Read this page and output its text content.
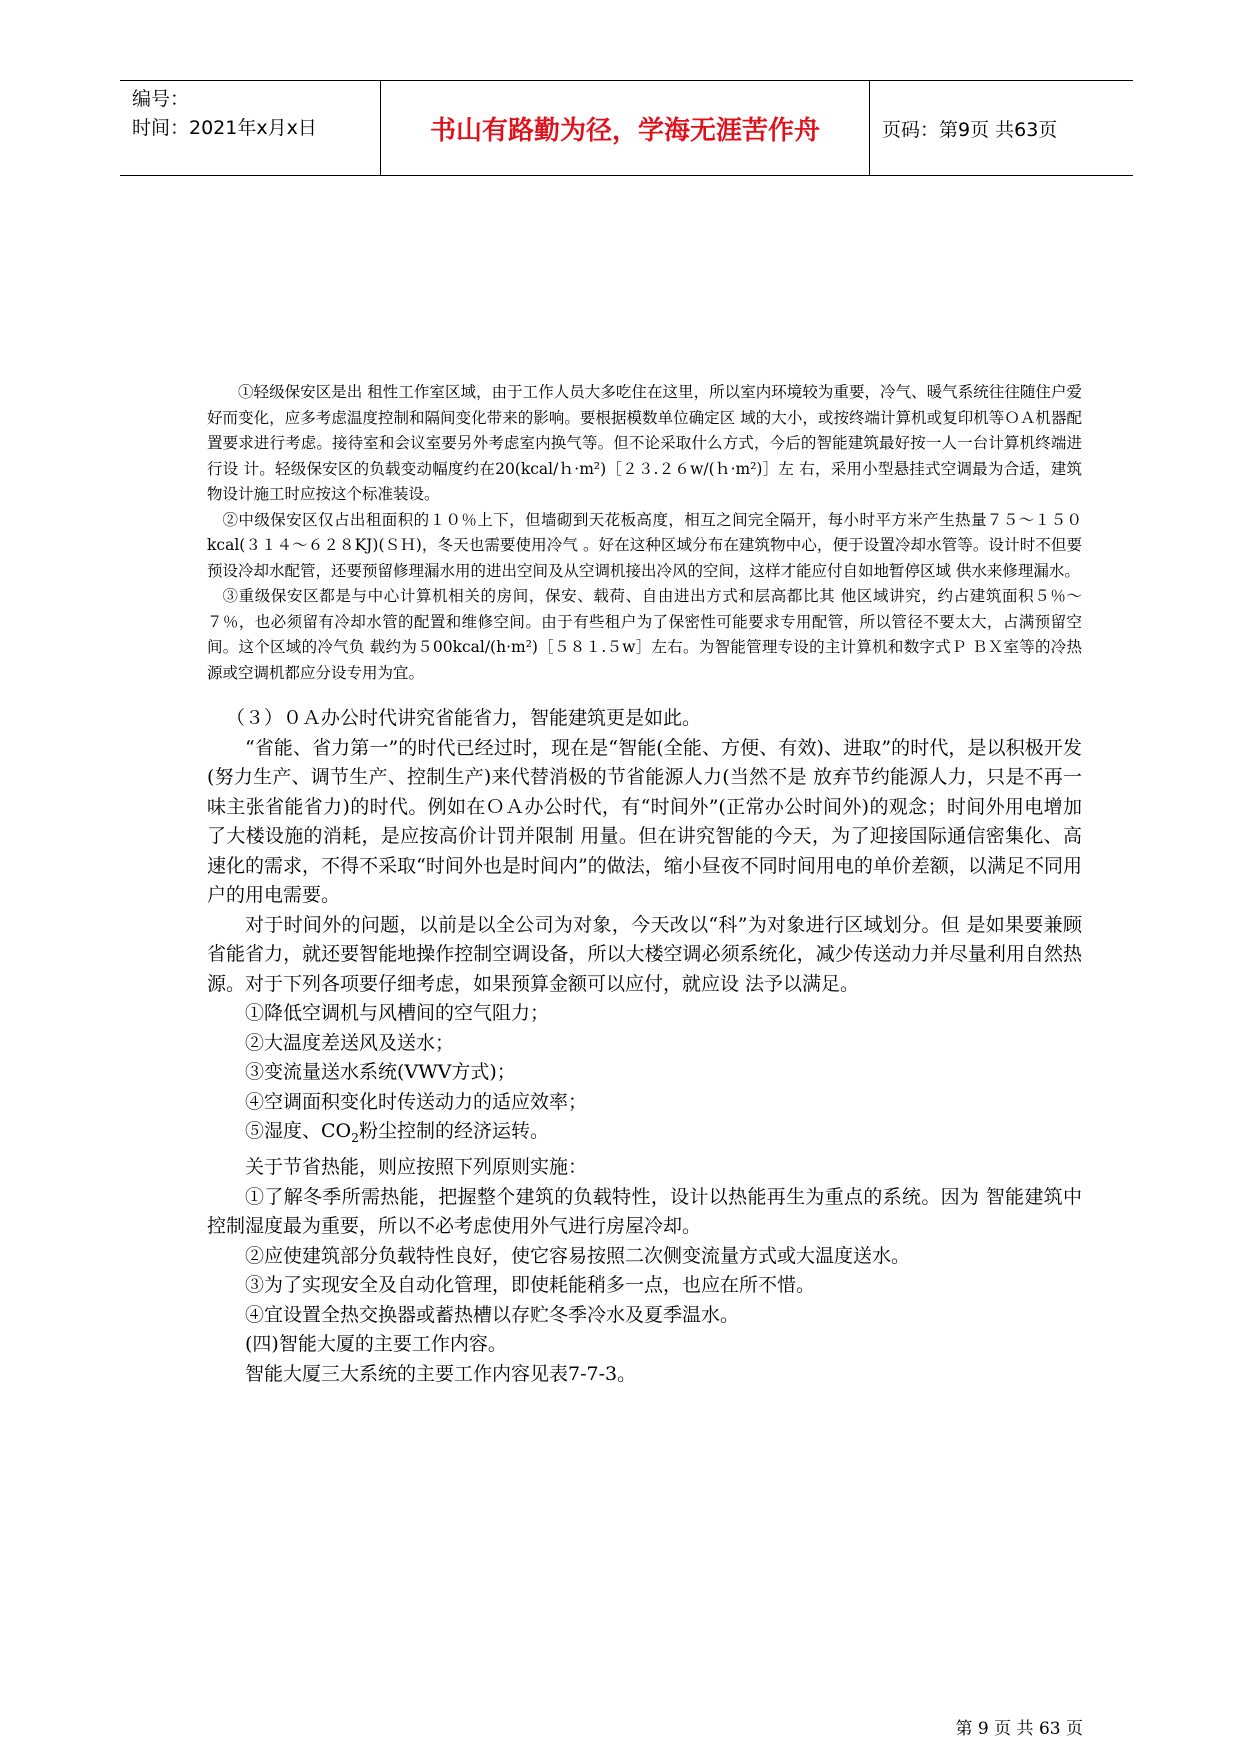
编号：
时间：2021年x月x日	书山有路勤为径，学海无涯苦作舟	页码：第9页 共63页

①轻级保安区是出 租性工作室区域，由于工作人员大多吃住在这里，所以室内环境较为重要，冷气、暖气系统往往随住户爱好而变化，应多考虑温度控制和隔间变化带来的影响。要根据模数单位确定区 域的大小，或按终端计算机或复印机等ＯＡ机器配置要求进行考虑。接待室和会议室要另外考虑室内换气等。但不论采取什么方式，今后的智能建筑最好按一人一台计算机终端进行设 计。轻级保安区的负载变动幅度约在20(kcal/ｈ·m²)［２３.２６w/(ｈ·m²)］左 右，采用小型悬挂式空调最为合适，建筑物设计施工时应按这个标准装设。

②中级保安区仅占出租面积的１０％上下，但墙砌到天花板高度，相互之间完全隔开，每小时平方米产生热量７５～１５０kcal(３１４～６２８KJ)(ＳＨ)，冬天也需要使用冷气 。好在这种区域分布在建筑物中心，便于设置冷却水管等。设计时不但要预设冷却水配管，还要预留修理漏水用的进出空间及从空调机接出冷风的空间，这样才能应付自如地暂停区域 供水来修理漏水。

③重级保安区都是与中心计算机相关的房间，保安、载荷、自由进出方式和层高都比其 他区域讲究，约占建筑面积５％～７％，也必须留有冷却水管的配置和维修空间。由于有些租户为了保密性可能要求专用配管，所以管径不要太大，占满预留空间。这个区域的冷气负 载约为５00kcal/(h·m²)［５８１.５w］左右。为智能管理专设的主计算机和数字式Ｐ ＢＸ室等的冷热源或空调机都应分设专用为宜。

（３）０Ａ办公时代讲究省能省力，智能建筑更是如此。

“省能、省力第一”的时代已经过时，现在是“智能(全能、方便、有效)、进取”的时代，是以积极开发(努力生产、调节生产、控制生产)来代替消极的节省能源人力(当然不是 放弃节约能源人力，只是不再一味主张省能省力)的时代。例如在ＯＡ办公时代，有“时间外”(正常办公时间外)的观念；时间外用电增加了大楼设施的消耗，是应按高价计罚并限制 用量。但在讲究智能的今天，为了迎接国际通信密集化、高速化的需求，不得不采取“时间外也是时间内”的做法，缩小昼夜不同时间用电的单价差额，以满足不同用户的用电需要。

对于时间外的问题，以前是以全公司为对象，今天改以“科”为对象进行区域划分。但 是如果要兼顾省能省力，就还要智能地操作控制空调设备，所以大楼空调必须系统化，减少传送动力并尽量利用自然热源。对于下列各项要仔细考虑，如果预算金额可以应付，就应设 法予以满足。

①降低空调机与风槽间的空气阻力；

②大温度差送风及送水；

③变流量送水系统(VWV方式)；

④空调面积变化时传送动力的适应效率；

⑤湿度、$CO_2$粉尘控制的经济运转。

关于节省热能，则应按照下列原则实施：

①了解冬季所需热能，把握整个建筑的负载特性，设计以热能再生为重点的系统。因为 智能建筑中控制湿度最为重要，所以不必考虑使用外气进行房屋冷却。

②应使建筑部分负载特性良好，使它容易按照二次侧变流量方式或大温度送水。

③为了实现安全及自动化管理，即使耗能稍多一点，也应在所不惜。

④宜设置全热交换器或蓄热槽以存贮冬季冷水及夏季温水。

(四)智能大厦的主要工作内容。

智能大厦三大系统的主要工作内容见表7-7-3。

第 9 页 共 63 页
